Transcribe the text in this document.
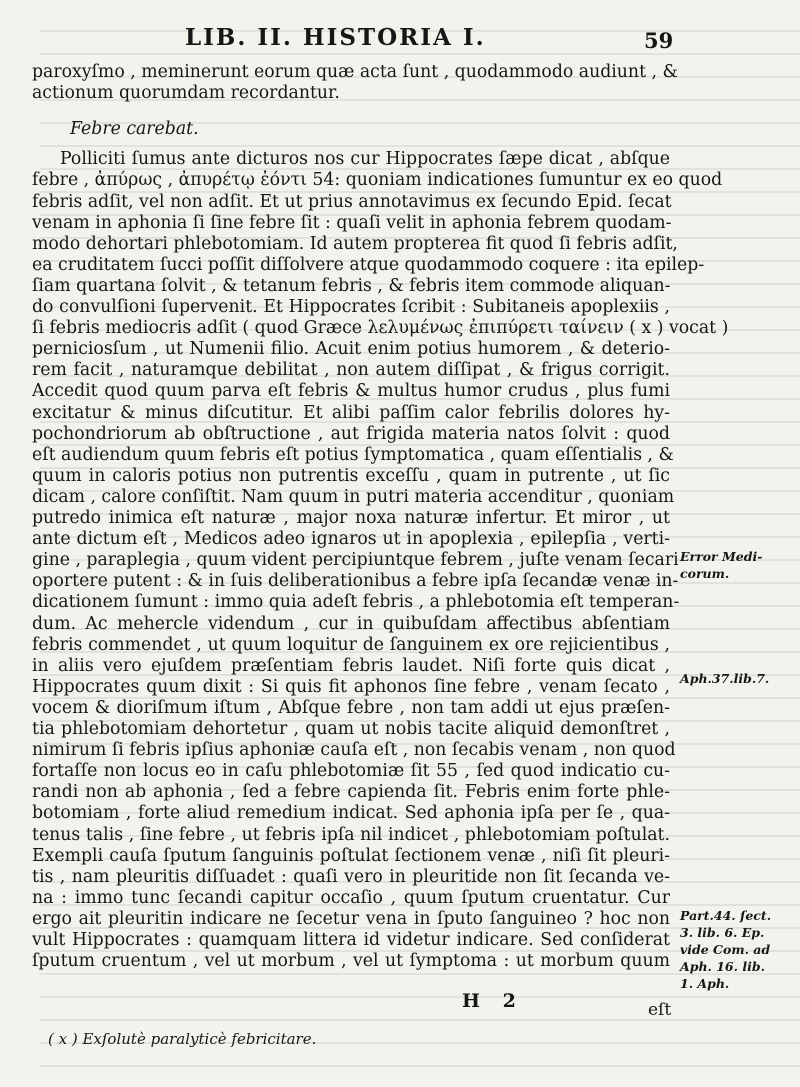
LIB. II. HISTORIA I.	59
paroxyſmo , meminerunt eorum quæ acta ſunt , quodammodo audiunt , &
actionum quorumdam recordantur.
Febre carebat.
Polliciti ſumus ante dicturos nos cur Hippocrates ſæpe dicat , abſque
febre , ἀπύρως , ἀπυρέτῳ ἐόντι 54: quoniam indicationes ſumuntur ex eo quod
febris adſit, vel non adſit. Et ut prius annotavimus ex ſecundo Epid. ſecat
venam in aphonia ſi ſine febre ſit : quaſi velit in aphonia febrem quodam-
modo dehortari phlebotomiam. Id autem propterea fit quod ſi febris adſit,
ea cruditatem ſucci poſſit diſſolvere atque quodammodo coquere : ita epilep-
ſiam quartana ſolvit , & tetanum febris , & febris item commode aliquan-
do convulſioni ſupervenit. Et Hippocrates ſcribit : Subitaneis apoplexiis ,
ſi febris mediocris adſit ( quod Græce λελυμένως ἐπιπύρετι ταίνειν ( x ) vocat )
perniciosſum , ut Numenii filio. Acuit enim potius humorem , & deterio-
rem facit , naturamque debilitat , non autem diſſipat , & frigus corrigit.
Accedit quod quum parva eſt febris & multus humor crudus , plus fumi
excitatur & minus diſcutitur. Et alibi paſſim calor febrilis dolores hy-
pochondriorum ab obſtructione , aut frigida materia natos ſolvit : quod
eſt audiendum quum febris eſt potius ſymptomatica , quam eſſentialis , &
quum in caloris potius non putrentis exceſſu , quam in putrente , ut ſic
dicam , calore conſiſtit. Nam quum in putri materia accenditur , quoniam
putredo inimica eſt naturæ , major noxa naturæ infertur. Et miror , ut
ante dictum eſt , Medicos adeo ignaros ut in apoplexia , epilepſia , verti-
gine , paraplegia , quum vident percipiuntque febrem , juſte venam ſecari
oportere putent : & in ſuis deliberationibus a febre ipſa ſecandæ venæ in-
dicationem ſumunt : immo quia adeſt febris , a phlebotomia eſt temperan-
dum. Ac mehercle videndum , cur in quibuſdam affectibus abſentiam
febris commendet , ut quum loquitur de ſanguinem ex ore rejicientibus ,
in aliis vero ejuſdem præſentiam febris laudet. Niſi forte quis dicat ,
Hippocrates quum dixit : Si quis fit aphonos ſine febre , venam ſecato ,
vocem & dioriſmum iſtum , Abſque febre , non tam addi ut ejus præſen-
tia phlebotomiam dehortetur , quam ut nobis tacite aliquid demonſtret ,
nimirum ſi febris ipſius aphoniæ cauſa eſt , non ſecabis venam , non quod
fortaſſe non locus eo in caſu phlebotomiæ ſit 55 , ſed quod indicatio cu-
randi non ab aphonia , ſed a febre capienda ſit. Febris enim forte phle-
botomiam , forte aliud remedium indicat. Sed aphonia ipſa per ſe , qua-
tenus talis , ſine febre , ut febris ipſa nil indicet , phlebotomiam poſtulat.
Exempli cauſa ſputum ſanguinis poſtulat ſectionem venæ , niſi ſit pleuri-
tis , nam pleuritis diſſuadet : quaſi vero in pleuritide non ſit ſecanda ve-
na : immo tunc ſecandi capitur occaſio , quum ſputum cruentatur. Cur
ergo ait pleuritin indicare ne ſecetur vena in ſputo ſanguineo ? hoc non
vult Hippocrates : quamquam littera id videtur indicare. Sed conſiderat
ſputum cruentum , vel ut morbum , vel ut ſymptoma : ut morbum quum
H 2	eſt
( x ) Exſolutè paralyticè febricitare.
Error Medi-
corum.
Aph.37.lib.7.
Part.44. ſect.
3. lib. 6. Ep.
vide Com. ad
Aph. 16. lib.
1. Aph.
